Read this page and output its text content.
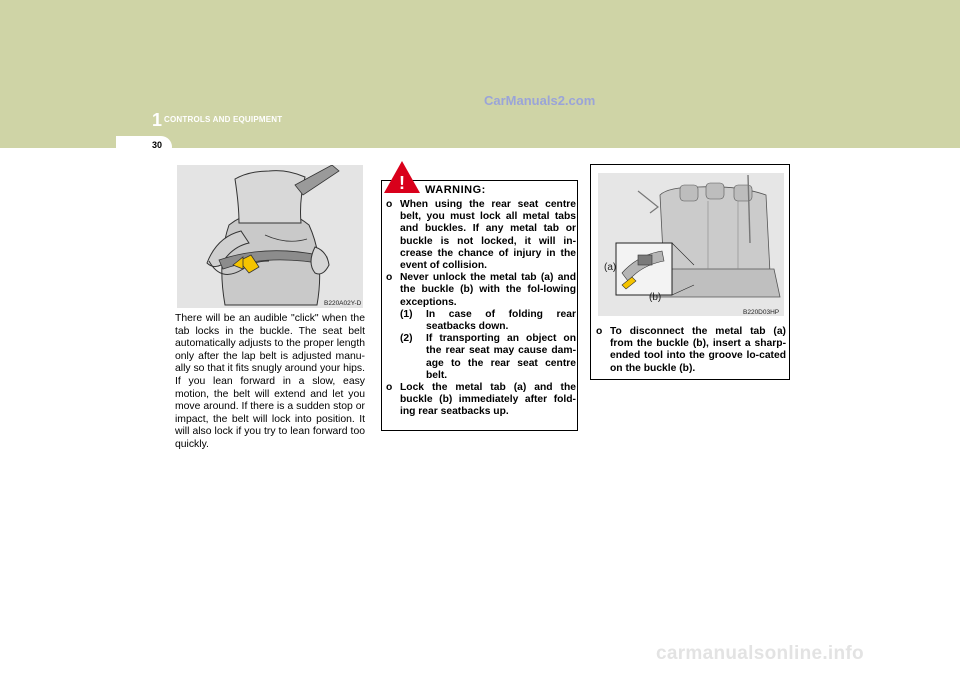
1 CONTROLS AND EQUIPMENT
CarManuals2.com
30
B220A02Y-D
There will be an audible "click" when the tab locks in the buckle. The seat belt automatically adjusts to the proper length only after the lap belt is adjusted manu-ally so that it fits snugly around your hips. If you lean forward in a slow, easy motion, the belt will extend and let you move around. If there is a sudden stop or impact, the belt will lock into position. It will also lock if you try to lean forward too quickly.
! WARNING:
o When using the rear seat centre belt, you must lock all metal tabs and buckles. If any metal tab or buckle is not locked, it will in-crease the chance of injury in the event of collision.
o Never unlock the metal tab (a) and the buckle (b) with the fol-lowing exceptions.
(1)	In case of folding rear seatbacks down.
(2)	If transporting an object on the rear seat may cause dam-age to the rear seat centre belt.
o Lock the metal tab (a) and the buckle (b) immediately after fold-ing rear seatbacks up.
(a)
(b)
B220D03HP
o To disconnect the metal tab (a) from the buckle (b), insert a sharp-ended tool into the groove lo-cated on the buckle (b).
carmanualsonline.info
